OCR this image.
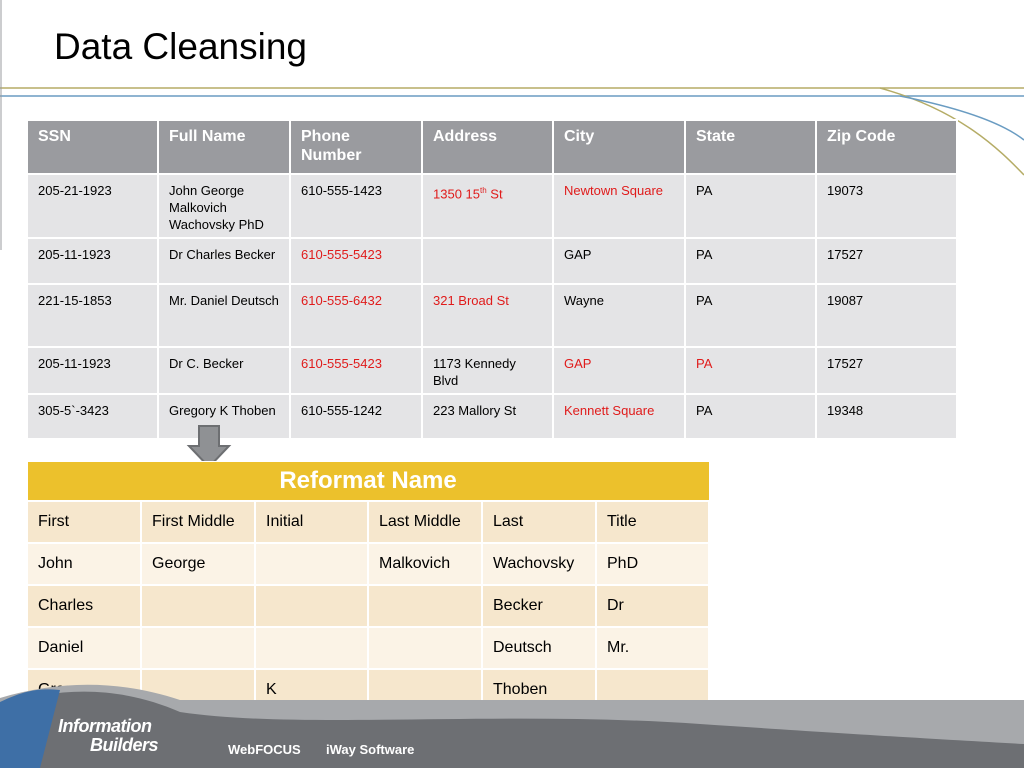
Data Cleansing
SSN	Full Name	Phone Number	Address	City	State	Zip Code
205-21-1923	John George Malkovich Wachovsky PhD	610-555-1423	1350 15th St	Newtown Square	PA	19073
205-11-1923	Dr Charles Becker	610-555-5423		GAP	PA	17527
221-15-1853	Mr. Daniel Deutsch	610-555-6432	321 Broad St	Wayne	PA	19087
205-11-1923	Dr C. Becker	610-555-5423	1173 Kennedy Blvd	GAP	PA	17527
305-5`-3423	Gregory K Thoben	610-555-1242	223 Mallory St	Kennett Square	PA	19348
Reformat Name					
First	First Middle	Initial	Last Middle	Last	Title
John	George		Malkovich	Wachovsky	PhD
Charles				Becker	Dr
Daniel				Deutsch	Mr.
		K		Thoben	
Information
Builders	WebFOCUS iWay Software
